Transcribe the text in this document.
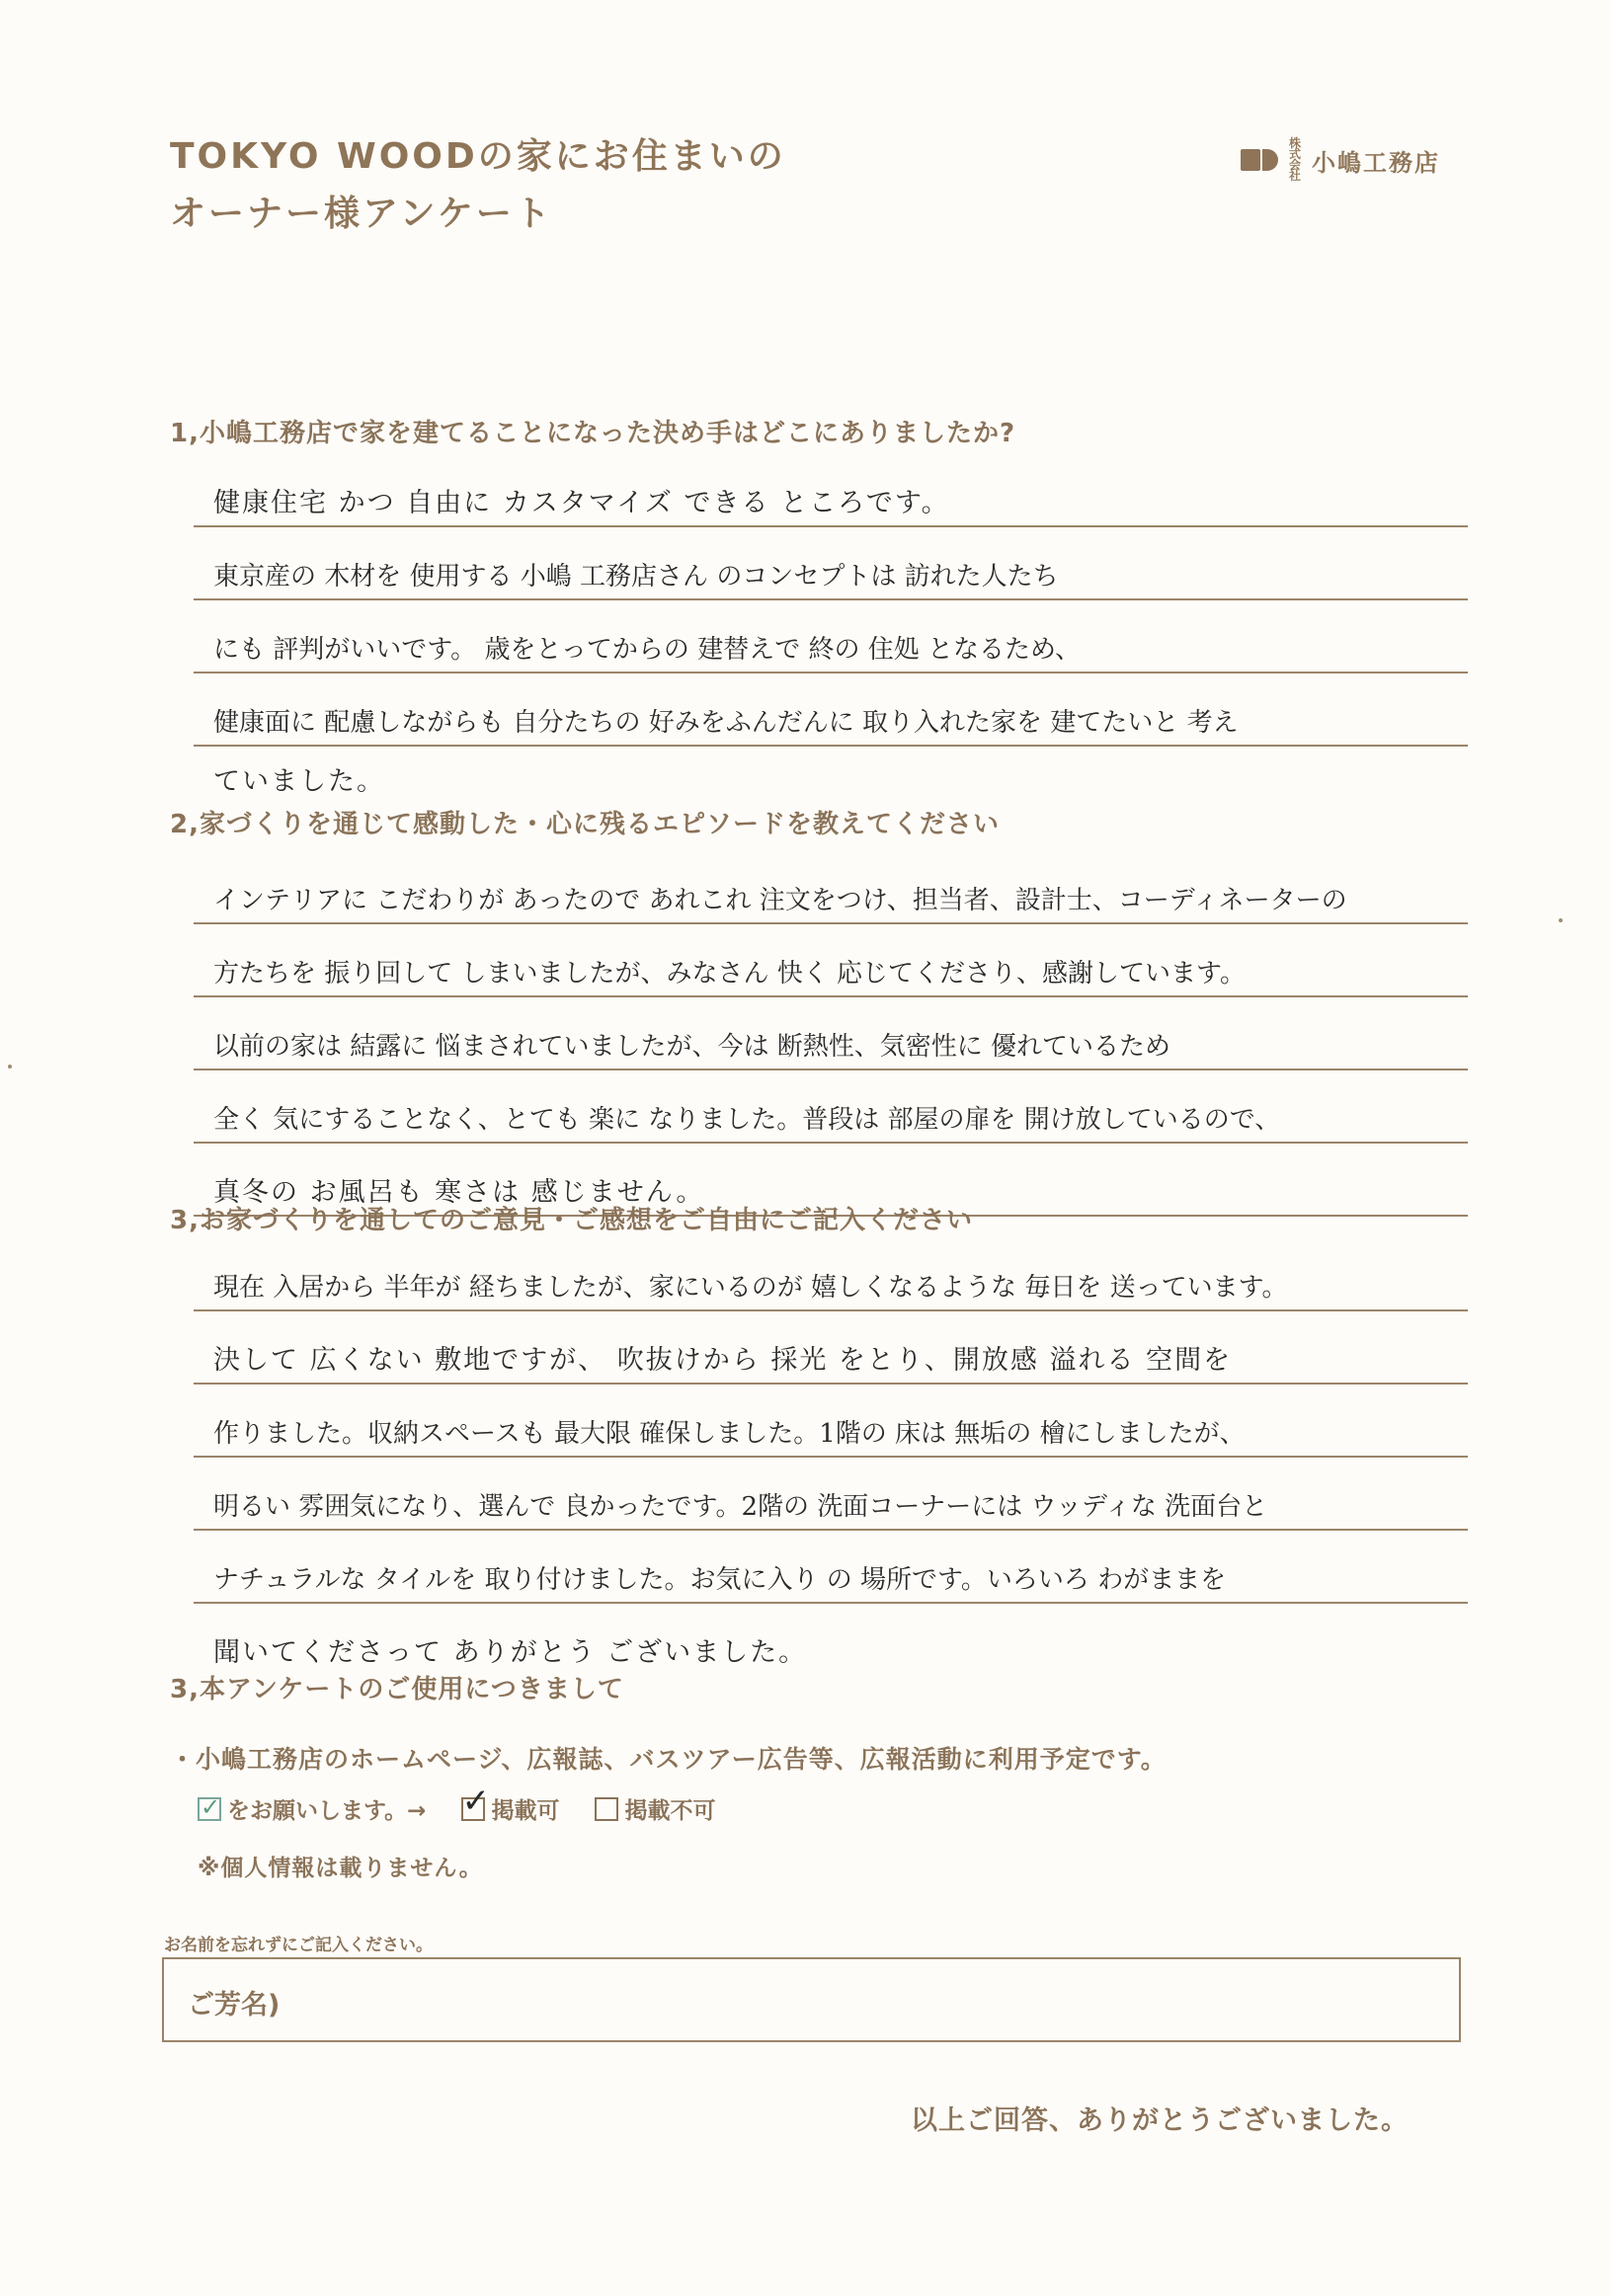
TOKYO WOODの家にお住まいの
オーナー様アンケート
株式会社 小嶋工務店
1,小嶋工務店で家を建てることになった決め手はどこにありましたか?
健康住宅 かつ 自由に カスタマイズ できる ところです。
東京産の 木材を 使用する 小嶋 工務店さん のコンセプトは 訪れた人たち
にも 評判がいいです。 歳をとってからの 建替えで 終の 住処 となるため、
健康面に 配慮しながらも 自分たちの 好みをふんだんに 取り入れた家を 建てたいと 考え
ていました。
2,家づくりを通じて感動した・心に残るエピソードを教えてください
インテリアに こだわりが あったので あれこれ 注文をつけ、担当者、設計士、コーディネーターの
方たちを 振り回して しまいましたが、みなさん 快く 応じてくださり、感謝しています。
以前の家は 結露に 悩まされていましたが、今は 断熱性、気密性に 優れているため
全く 気にすることなく、とても 楽に なりました。普段は 部屋の扉を 開け放しているので、
真冬の お風呂も 寒さは 感じません。
3,お家づくりを通してのご意見・ご感想をご自由にご記入ください
現在 入居から 半年が 経ちましたが、家にいるのが 嬉しくなるような 毎日を 送っています。
決して 広くない 敷地ですが、 吹抜けから 採光 をとり、開放感 溢れる 空間を
作りました。収納スペースも 最大限 確保しました。1階の 床は 無垢の 檜にしましたが、
明るい 雰囲気になり、選んで 良かったです。2階の 洗面コーナーには ウッディな 洗面台と
ナチュラルな タイルを 取り付けました。お気に入り の 場所です。いろいろ わがままを
聞いてくださって ありがとう ございました。
3,本アンケートのご使用につきまして
・小嶋工務店のホームページ、広報誌、バスツアー広告等、広報活動に利用予定です。
✓ をお願いします。→ ✓ 掲載可	掲載不可
※個人情報は載りません。
お名前を忘れずにご記入ください。
ご芳名)
以上ご回答、ありがとうございました。
